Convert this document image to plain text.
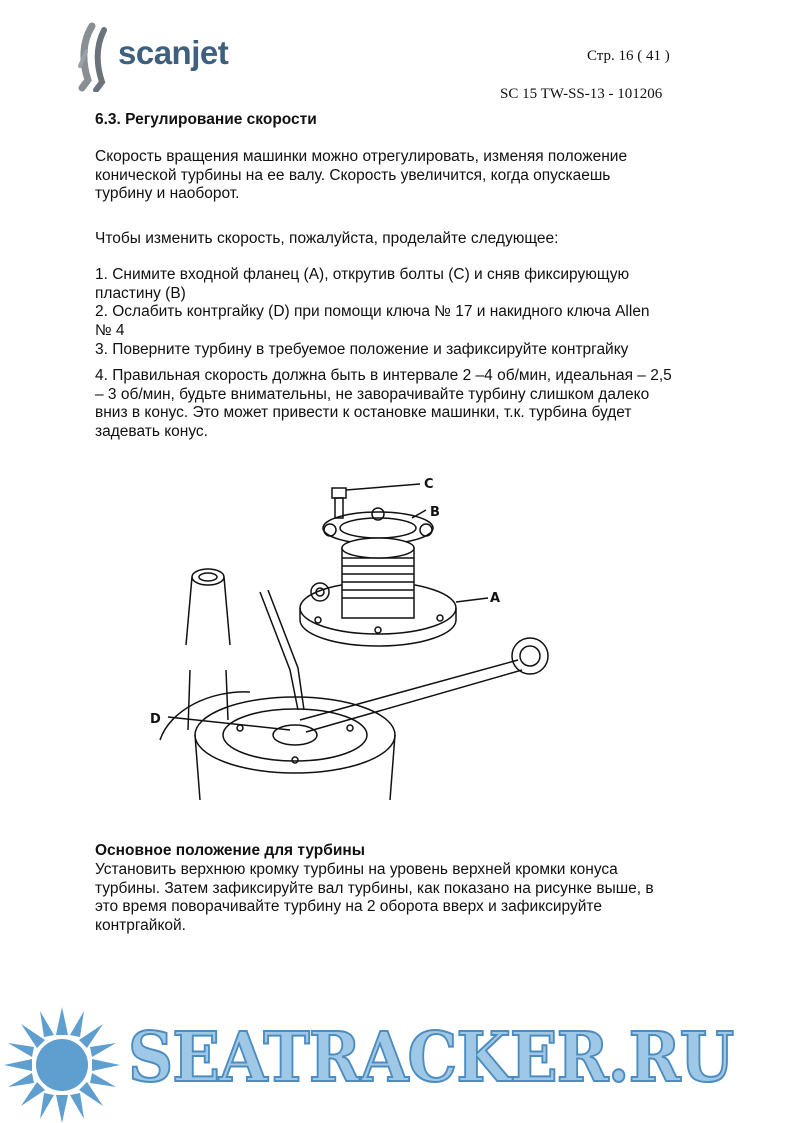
scanjet	Стр. 16 ( 41 )
SC 15 TW-SS-13 - 101206
6.3. Регулирование скорости

Скорость вращения машинки можно отрегулировать, изменяя положение

конической турбины на ее валу. Скорость увеличится, когда опускаешь

турбину и наоборот.

Чтобы изменить скорость, пожалуйста, проделайте следующее:

1. Снимите входной фланец (A), открутив болты (C) и сняв фиксирующую

пластину (B)

2. Ослабить контргайку (D) при помощи ключа № 17 и накидного ключа Allen

№ 4

3. Поверните турбину в требуемое положение и зафиксируйте контргайку

4. Правильная скорость должна быть в интервале 2 –4 об/мин, идеальная – 2,5

– 3 об/мин, будьте внимательны, не заворачивайте турбину слишком далеко

вниз в конус. Это может привести к остановке машинки, т.к. турбина будет

задевать конус.

C
B
A
D
Основное положение для турбины

Установить верхнюю кромку турбины на уровень верхней кромки конуса

турбины. Затем зафиксируйте вал турбины, как показано на рисунке выше, в

это время поворачивайте турбину на 2 оборота вверх и зафиксируйте

контргайкой.

SEATRACKER.RU
